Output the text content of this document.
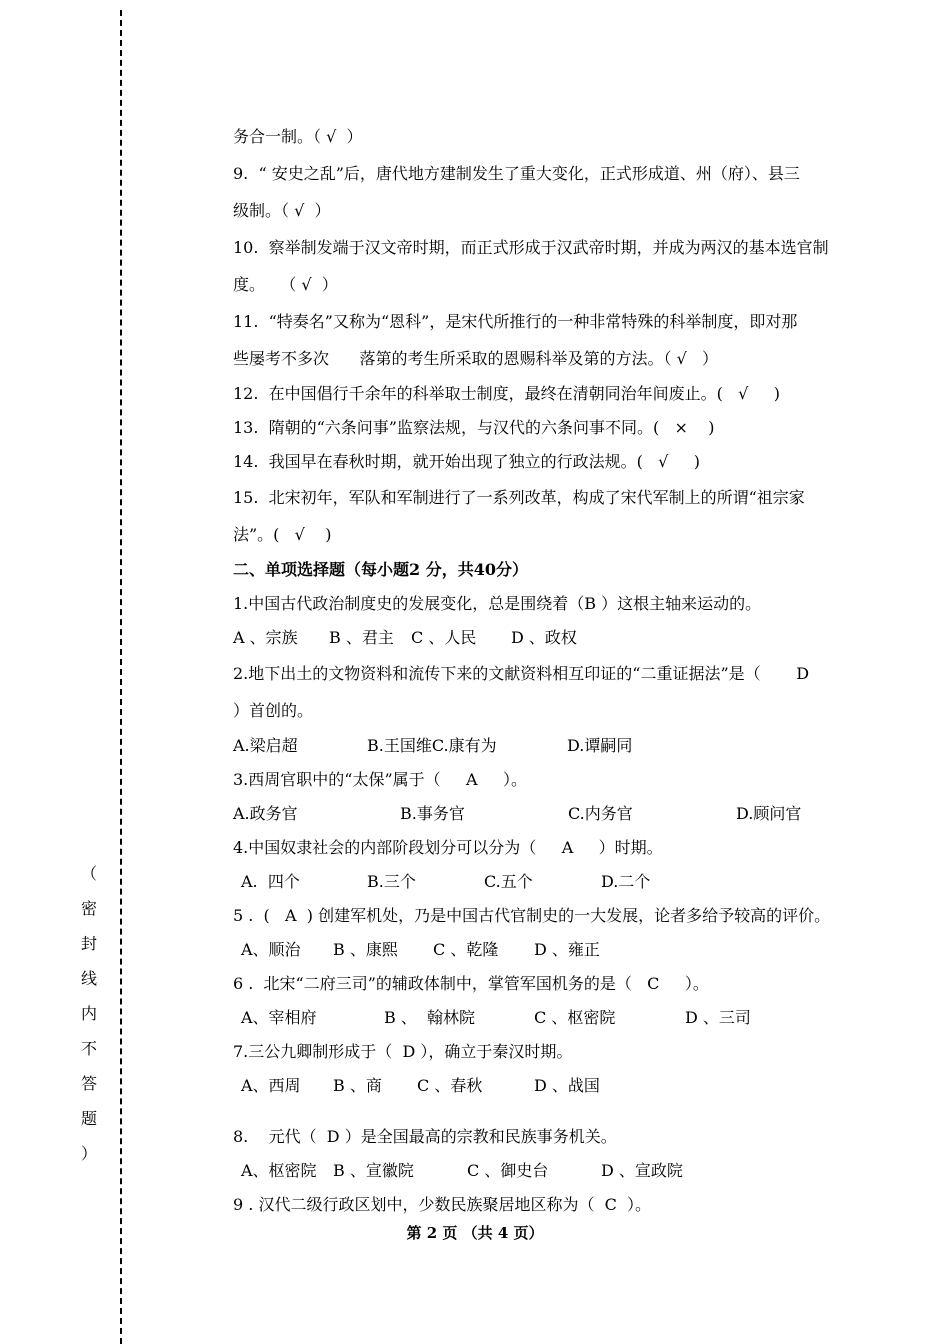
（
密
封
线
内
不
答
题
）
务合一制。（ √  ）
9.  “ 安史之乱”后，唐代地方建制发生了重大变化，正式形成道、州（府）、县三
级制。（ √  ）
10.  察举制发端于汉文帝时期，而正式形成于汉武帝时期，并成为两汉的基本选官制
度。   （ √  ）
11.  “特奏名”又称为“恩科”，是宋代所推行的一种非常特殊的科举制度，即对那
些屡考不多次      落第的考生所采取的恩赐科举及第的方法。（ √   ）
12.  在中国倡行千余年的科举取士制度，最终在清朝同治年间废止。(   √     )
13.  隋朝的“六条问事”监察法规，与汉代的六条问事不同。(   ×    )
14.  我国早在春秋时期，就开始出现了独立的行政法规。(   √     )
15.  北宋初年，军队和军制进行了一系列改革，构成了宋代军制上的所谓“祖宗家
法”。(   √    )
二、单项选择题（每小题2 分，共40分）
1.中国古代政治制度史的发展变化，总是围绕着（B ）这根主轴来运动的。
A 、宗族	B 、君主	C 、人民	D 、政权
2.地下出土的文物资料和流传下来的文献资料相互印证的“二重证据法”是（       D
）首创的。
A.梁启超	B.王国维C.康有为	D.谭嗣同
3.西周官职中的“太保”属于（     A     ）。
A.政务官	B.事务官	C.内务官	D.顾问官
4.中国奴隶社会的内部阶段划分可以分为（     A     ）时期。
A.  四个	B.三个	C.五个	D.二个
5 .  (   A  ) 创建军机处，乃是中国古代官制史的一大发展，论者多给予较高的评价。
A、顺治	B 、康熙	C 、乾隆	D 、雍正
6 .  北宋“二府三司”的辅政体制中，掌管军国机务的是（   C     ）。
A、宰相府	B 、  翰林院	C 、枢密院	D 、三司
7.三公九卿制形成于（  D ），确立于秦汉时期。
A、西周	B 、商	C 、春秋	D 、战国
8.    元代（  D ）是全国最高的宗教和民族事务机关。
A、枢密院	B 、宣徽院	C 、御史台	D 、宣政院
9 . 汉代二级行政区划中，少数民族聚居地区称为（  C  ）。
第 2 页 （共 4 页）
